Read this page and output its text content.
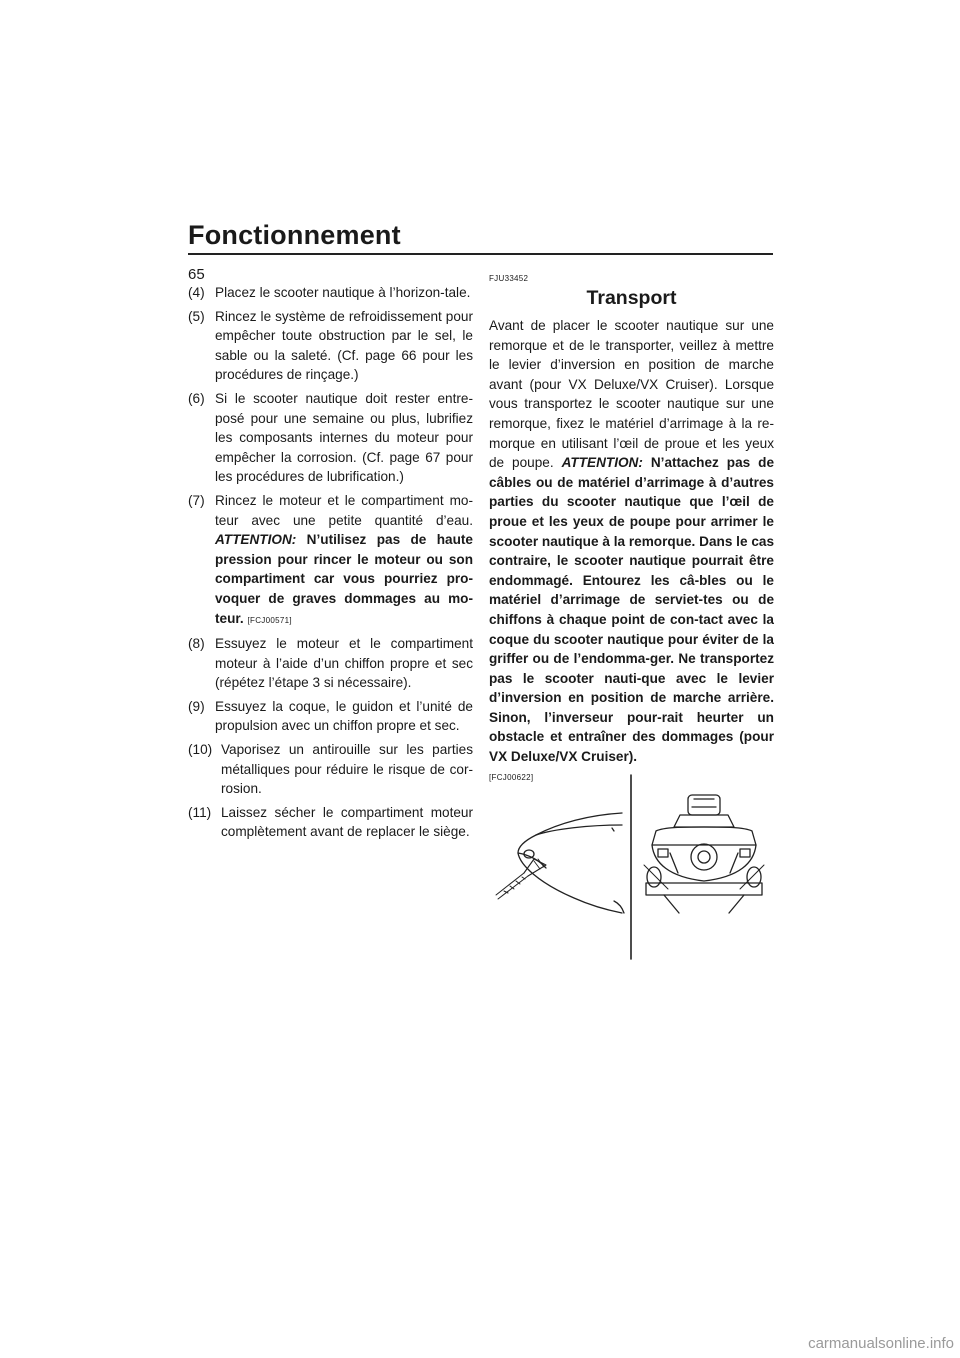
Fonctionnement
65
(4) Placez le scooter nautique à l’horizon-tale.
(5) Rincez le système de refroidissement pour empêcher toute obstruction par le sel, le sable ou la saleté. (Cf. page 66 pour les procédures de rinçage.)
(6) Si le scooter nautique doit rester entre-posé pour une semaine ou plus, lubrifiez les composants internes du moteur pour empêcher la corrosion. (Cf. page 67 pour les procédures de lubrification.)
(7) Rincez le moteur et le compartiment mo-teur avec une petite quantité d’eau. ATTENTION: N’utilisez pas de haute pression pour rincer le moteur ou son compartiment car vous pourriez pro-voquer de graves dommages au mo-teur. [FCJ00571]
(8) Essuyez le moteur et le compartiment moteur à l’aide d’un chiffon propre et sec (répétez l’étape 3 si nécessaire).
(9) Essuyez la coque, le guidon et l’unité de propulsion avec un chiffon propre et sec.
(10) Vaporisez un antirouille sur les parties métalliques pour réduire le risque de cor-rosion.
(11) Laissez sécher le compartiment moteur complètement avant de replacer le siège.
FJU33452
Transport
Avant de placer le scooter nautique sur une remorque et de le transporter, veillez à mettre le levier d’inversion en position de marche avant (pour VX Deluxe/VX Cruiser). Lorsque vous transportez le scooter nautique sur une remorque, fixez le matériel d’arrimage à la re-morque en utilisant l’œil de proue et les yeux de poupe. ATTENTION: N’attachez pas de câbles ou de matériel d’arrimage à d’autres parties du scooter nautique que l’œil de proue et les yeux de poupe pour arrimer le scooter nautique à la remorque. Dans le cas contraire, le scooter nautique pourrait être endommagé. Entourez les câ-bles ou le matériel d’arrimage de serviet-tes ou de chiffons à chaque point de con-tact avec la coque du scooter nautique pour éviter de la griffer ou de l’endomma-ger. Ne transportez pas le scooter nauti-que avec le levier d’inversion en position de marche arrière. Sinon, l’inverseur pour-rait heurter un obstacle et entraîner des dommages (pour VX Deluxe/VX Cruiser).
[FCJ00622]
carmanualsonline.info
